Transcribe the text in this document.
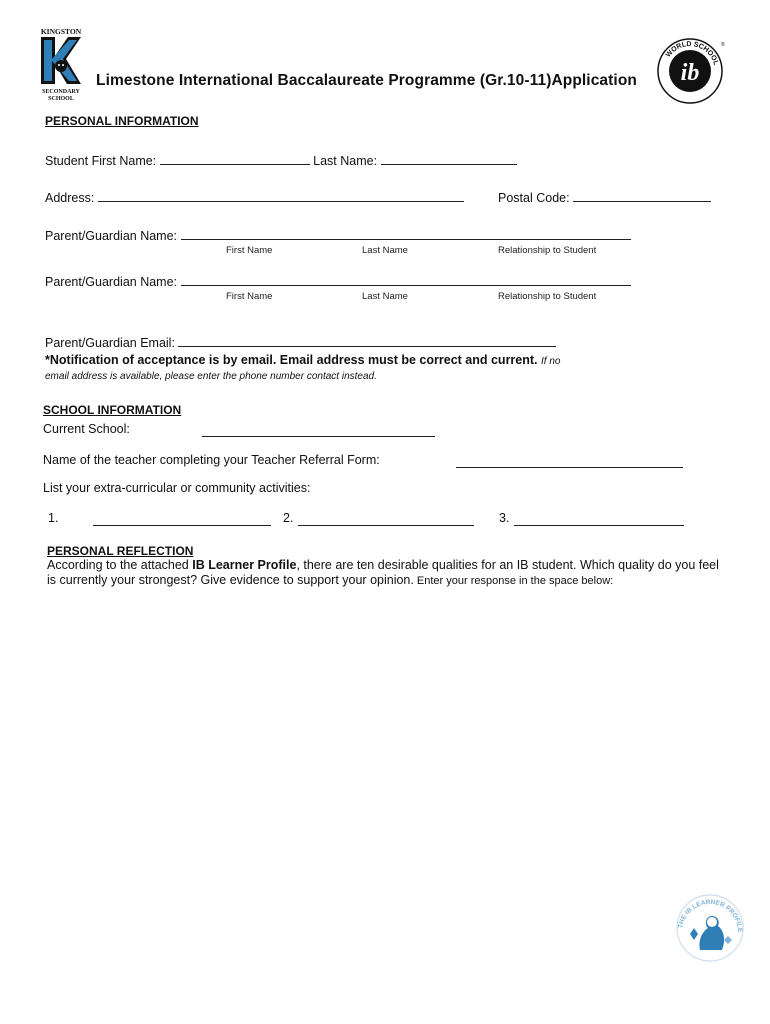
KINGSTON
SECONDARY
SCHOOL
Limestone International Baccalaureate Programme (Gr.10-11)Application ib
WORLD SCHOOL
®
PERSONAL INFORMATION
Student First Name:	Last Name:
Address:	Postal Code:
Parent/Guardian Name:
First Name	Last Name	Relationship to Student
Parent/Guardian Name:
First Name	Last Name	Relationship to Student
Parent/Guardian Email:
*Notification of acceptance is by email. Email address must be correct and current. If no
email address is available, please enter the phone number contact instead.
SCHOOL INFORMATION
Current School:
Name of the teacher completing your Teacher Referral Form:
List your extra-curricular or community activities:
1.	2.	3.
PERSONAL REFLECTION
According to the attached IB Learner Profile, there are ten desirable qualities for an IB student. Which quality do you feel is currently your strongest? Give evidence to support your opinion. Enter your response in the space below:
THE IB LEARNER PROFILE
